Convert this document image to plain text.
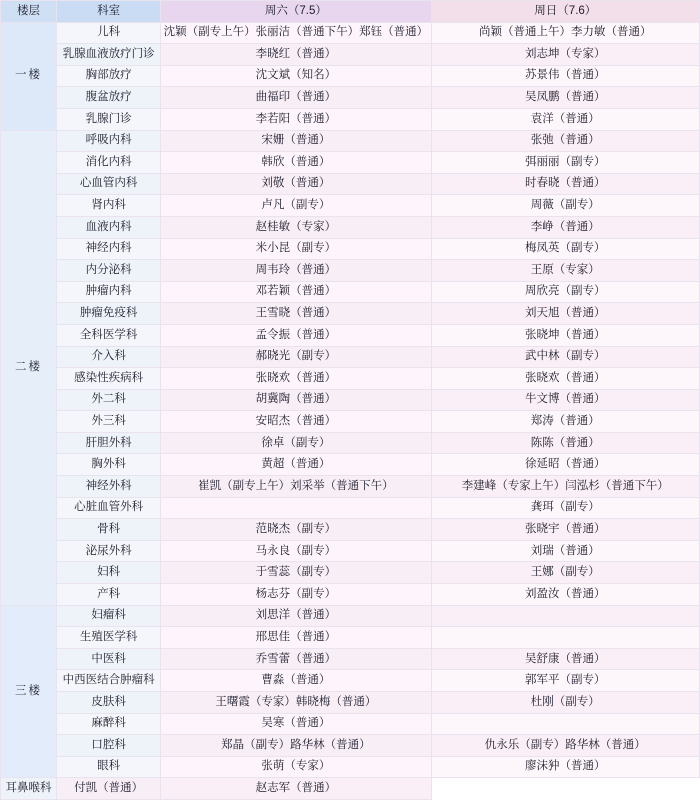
楼层	科室	周六（7.5）	周日（7.6）
一楼	儿科	沈颖（副专上午）张丽洁（普通下午）郑钰（普通）	尚颖（普通上午）李力敏（普通）
	乳腺血液放疗门诊	李晓红（普通）	刘志坤（专家）
	胸部放疗	沈文斌（知名）	苏景伟（普通）
	腹盆放疗	曲福印（普通）	吴凤鹏（普通）
	乳腺门诊	李若阳（普通）	袁洋（普通）
二楼	呼吸内科	宋姗（普通）	张弛（普通）
	消化内科	韩欣（普通）	弭丽丽（副专）
	心血管内科	刘敬（普通）	时春晓（普通）
	肾内科	卢凡（副专）	周薇（副专）
	血液内科	赵桂敏（专家）	李峥（普通）
	神经内科	米小昆（副专）	梅凤英（副专）
	内分泌科	周韦玲（普通）	王原（专家）
	肿瘤内科	邓若颖（普通）	周欣亮（副专）
	肿瘤免疫科	王雪晓（普通）	刘天旭（普通）
	全科医学科	孟令振（普通）	张晓坤（普通）
	介入科	郝晓光（副专）	武中林（副专）
	感染性疾病科	张晓欢（普通）	张晓欢（普通）
	外二科	胡冀陶（普通）	牛文博（普通）
	外三科	安昭杰（普通）	郑涛（普通）
	肝胆外科	徐卓（副专）	陈陈（普通）
	胸外科	黄超（普通）	徐延昭（普通）
	神经外科	崔凯（副专上午）刘采举（普通下午）	李建峰（专家上午）闫泓杉（普通下午）
	心脏血管外科		龚珥（副专）
	骨科	范晓杰（副专）	张晓宇（普通）
	泌尿外科	马永良（副专）	刘瑞（普通）
	妇科	于雪蕊（副专）	王娜（副专）
	产科	杨志芬（副专）	刘盈汝（普通）
三楼	妇瘤科	刘思洋（普通）	
	生殖医学科	邢思佳（普通）	
	中医科	乔雪蕾（普通）	吴舒康（普通）
	中西医结合肿瘤科	曹淼（普通）	郭军平（副专）
	皮肤科	王曙霞（专家）韩晓梅（普通）	杜刚（副专）
	麻醉科	吴寒（普通）	
	口腔科	郑晶（副专）路华林（普通）	仇永乐（副专）路华林（普通）
	眼科	张萌（专家）	廖沫狆（普通）
耳鼻喉科	付凯（普通）	赵志军（普通）	
